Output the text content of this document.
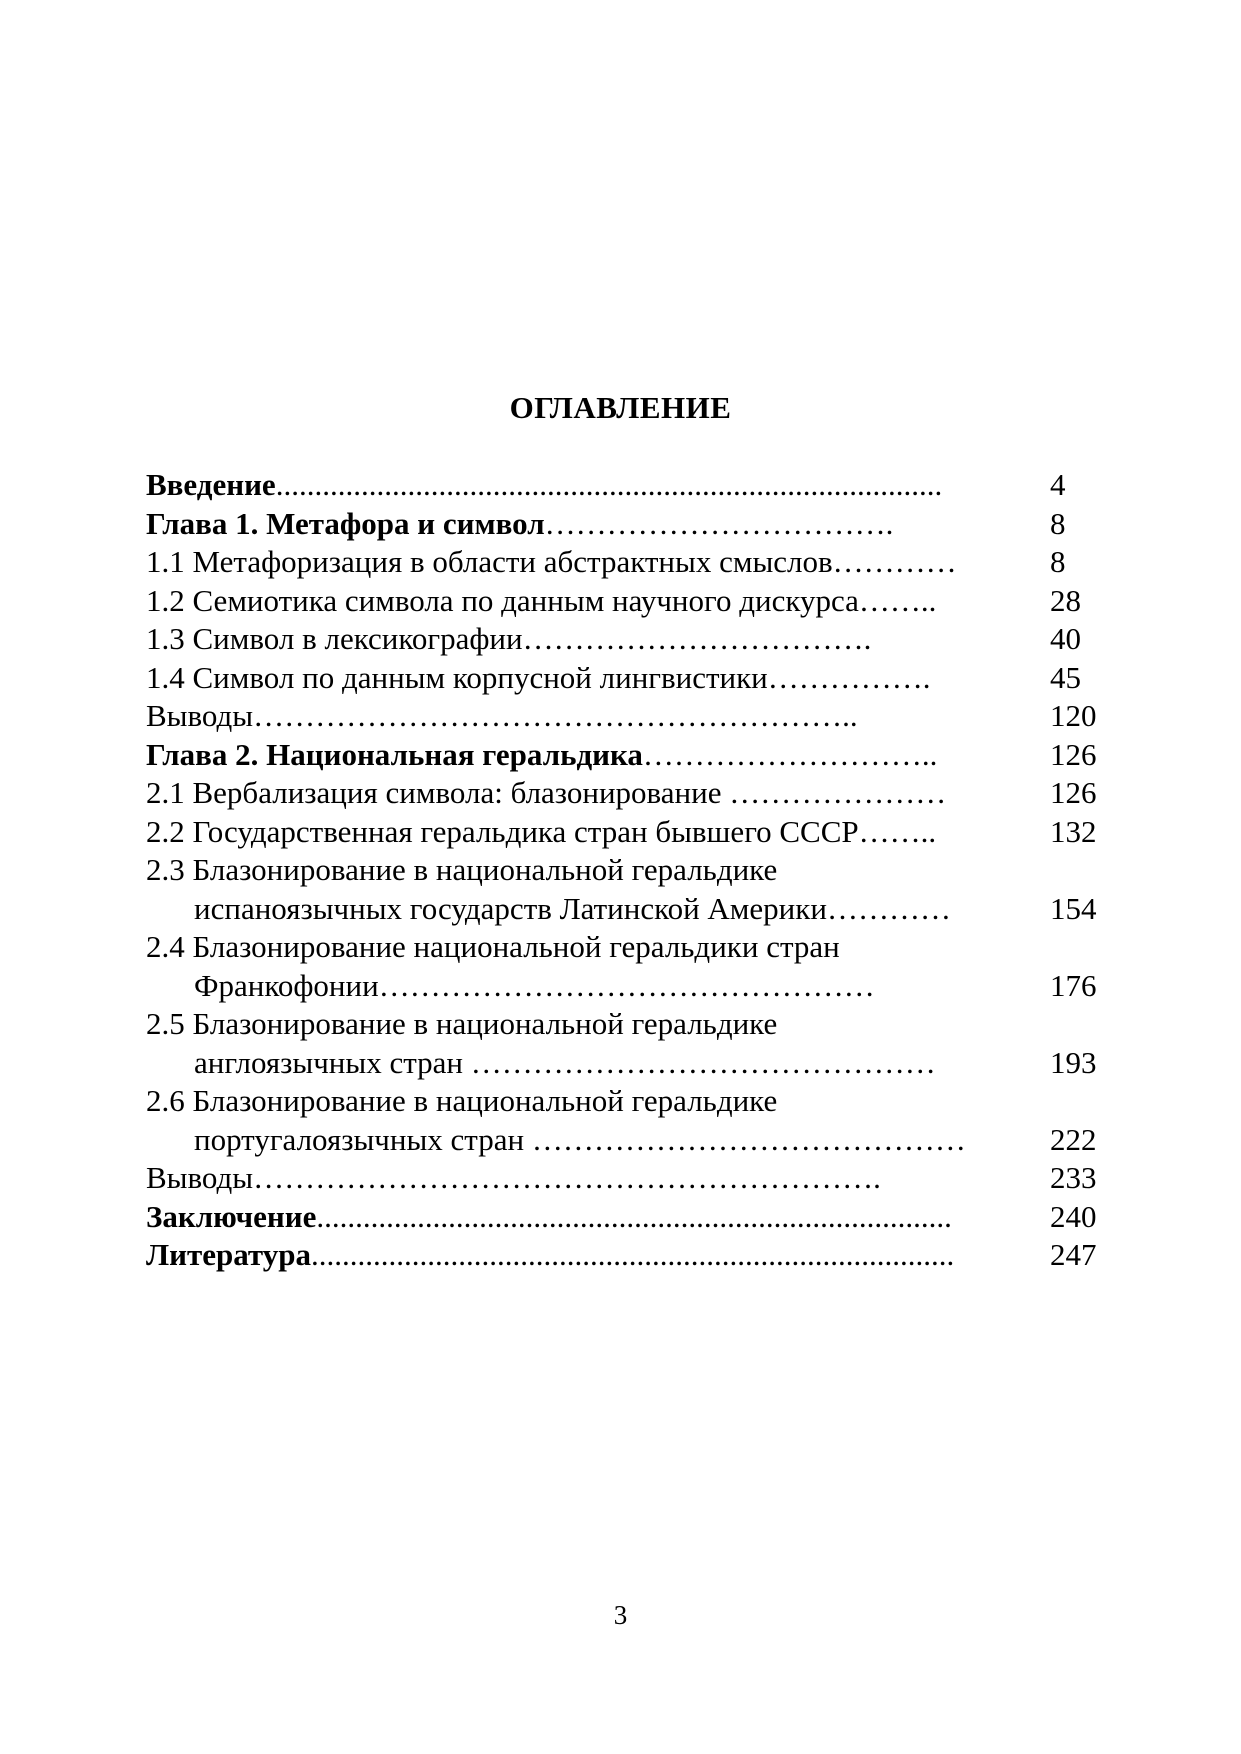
ОГЛАВЛЕНИЕ
Введение......................................................................................	4
Глава 1. Метафора и символ…………………………….	8
1.1 Метафоризация в области абстрактных смыслов…………	8
1.2 Семиотика символа по данным научного дискурса……..	28
1.3 Символ в лексикографии…………………………….	40
1.4 Символ по данным корпусной лингвистики…………….	45
Выводы…………………………………………………..	120
Глава 2. Национальная геральдика………………………..	126
2.1 Вербализация символа: блазонирование …………………	126
2.2 Государственная геральдика стран бывшего СССР……..	132
2.3 Блазонирование в национальной геральдике
испаноязычных государств Латинской Америки…………	154
2.4 Блазонирование национальной геральдики стран
Франкофонии…………………………………………	176
2.5 Блазонирование в национальной геральдике
англоязычных стран ………………………………………	193
2.6 Блазонирование в национальной геральдике
португалоязычных стран ……………………………………	222
Выводы…………………………………………………….	233
Заключение..................................................................................	240
Литература...................................................................................	247
3
